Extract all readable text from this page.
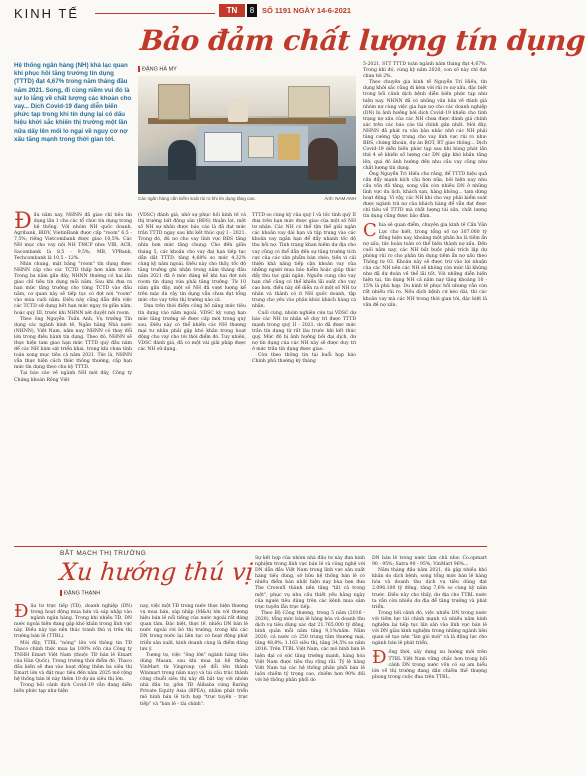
KINH TẾ	TN	8	SỐ 1191 NGÀY 14-6-2021
Bảo đảm chất lượng tín dụng
ĐẶNG HÀ MY
Hệ thống ngân hàng (NH) khá lạc quan khi phục hồi tăng trưởng tín dụng (TTTD) đạt 4,67% trong năm tháng đầu năm 2021. Song, đi cùng niềm vui đó là sự lo lắng về chất lượng các khoản cho vay... Dịch Covid-19 đang diễn biến phức tạp trong khi tín dụng lại có dấu hiệu khởi sắc khiến thị trường một lần nữa dấy lên mối lo ngại về nguy cơ nợ xấu tăng mạnh trong thời gian tới.
Các ngân hàng cần kiểm soát rủi ro khi tín dụng tăng cao.	Ảnh: NAM ANH

Đầu năm nay, NHNN đã giao chỉ tiêu tín dụng lần 1 cho các tổ chức tín dụng trong hệ thống. Với nhóm NH quốc doanh, Agribank, BIDV, VietinBank được cấp "room" 6,5 - 7,5%; riêng Vietcombank được giao 10,5%. Các NH mục cho vay nội NH TMCP như: VIB, ACB, Sacombank là 8,5 - 9,5%; MB, VPBank, Techcombank là 10,5 - 12%.

Nhìn chung, mặt bằng "room" tín dụng được NHNN cấp cho các TCTD thấp hơn năm trước. Trong ba năm gần đây, NHNN thường có hai lần giao chỉ tiêu tín dụng mỗi năm. Sau khi đưa ra hạn mức tăng trưởng cho từng TCTD vào đầu năm, cơ quan này sẽ tiếp tục có đợt nới "room" vào mùa cuối năm. Điều này cũng dẫn đến việc các TCTD sử dụng hết hạn mức ngay từ giữa năm, hoặc quý III, trước khi NHNN xét duyệt nới room.

Theo ông Nguyễn Tuấn Anh, Vụ trưởng Tín dụng các ngành kinh tế, Ngân hàng Nhà nước (NHNN), Việt Nam, năm nay, NHNN có thay đổi lớn trong điều hành tín dụng. Theo đó, NHNN sẽ thực hiện tam giao hạn mức TTTD quý đầu năm để các NH bám sát triển khai, trong khi chưa tính toán xong mục tiêu cả năm 2021. Tức là, NHNN vẫn thực hiện cách thức thông thường, cấp hạn mức tín dụng theo chu kỳ TTTD.

Tại báo cáo về ngành NH mới đây, Công ty Chứng khoán Rồng Việt

(VDSC) đánh giá, nhờ sự phục hồi kinh tế và thị trường bất động sản (BĐS) thuận lợi, một số NH sự nhân được báo cáo là đã đạt mức trần TTTD ngay sau khi kết thúc quý I - 2021. Trong đó, đủ no cho vay lĩnh vực BĐS tăng nhìn hơn mức tăng chung. Cho đến giữa tháng 5, các khoản cho vay đại hạn tiếp tục dẫn dắt TTTD, tăng 4,68% so mức 4,32% cùng kỳ năm ngoái. Điều này cho thấy, tốc độ tăng trưởng ghi nhận trong năm tháng đầu năm 2021 đã ở mức đáng kể khi hai đợt nới room tín dụng vừa phải tăng trưởng. Từ 10 năm gần đây, một số NH đã vượt lượng kể trên mặc dù vậy tín dụng vẫn chưa đạt tổng mức cho vay trên thị trường nào cả.

Dựa trên thời điểm công bố năng mức tiêu tín dụng vào năm ngoái, VDSC kỳ vọng hạn mức tăng trưởng sẽ được cấp mới trong quý sau. Điều này có thể khiến các NH thương mại tư nhân phải gặp khó khăn trong hoạt động cho vay cho tới thời điểm đó. Tuy nhiên, VDSC đánh giá, đã có một vài giải pháp được các NH sử dụng.

TTTD so cùng kỳ của quý I và tốc tính quý II đưa trên hạn mức được giao của một số NH tư nhân. Các NH có thể tận thế giải ngân các khoản vay dài hạn và tập trung vào các khoản vay ngắn hạn để đẩy nhanh tốc độ thu hồi nợ. Tình trạng khan hiếm dư địa cho vay cũng có thể dẫn đến sự tăng trưởng tích cực của các sản phẩm bán chéo, tiền vi cải thiện khả năng tiếp cận khoản vay của những người mua bảo hiểm hoặc giúp thúc đẩy thu tục giải ngân. Nguồn cung cho vay hạn chế cũng có thể khiến lãi suất cho vay cao hơn, điều này dễ diễn ra ở một số NH tư nhân và thành có ít NH quốc doanh, tập trung cho yếu vào phân khúc khách hàng cá nhân.

Cuối cùng, nhóm nghiên cứu tại VDSC dự báo các NH tư nhân sẽ duy trì được TTTD mạnh trong quý II - 2021, do đã được mức trần tín dụng từ rất lâu trước khi kết thúc quý. Mức độ bị ảnh hưởng bởi đại dịch, dư nợ tín dụng của các NH này sẽ được duy trì ở mức trần tín dụng được giao.

Còn theo thông tin tại buổi họp báo Chính phủ thường kỳ tháng

5-2021, STT TTTD toàn ngành năm tháng đạt 4,67%. Trong khi đó, cùng kỳ năm 2020, con số này chỉ đạt chưa tới 2%.

Theo chuyên gia kinh tế Nguyễn Trí Hiếu, tín dụng khởi sắc cũng đi kèm với rủi ro nợ xấu, đặc biệt trong bối cảnh dịch bệnh diễn biến phức tạp như hiện nay. NHNN đã có những văn bản về đánh giá nhóm nợ cùng việc gia hạn nợ cho các doanh nghiệp (DN) bị ảnh hưởng bởi dịch Covid-19 khiến cho tình trạng nợ xấu của các NH chưa được đánh giá chính xác trên các báo cáo tài chính gần nhất. Mới đây, NHNN đã phát ra văn bản nhắc nhở các NH phải tăng cường tập trung cho vay lĩnh vực rủi ro như: BĐS, chứng khoán, dự án BOT, BT giao thông... Dịch Covid-19 diễn biến phức tạp sau khi bùng phát lần thứ 4 sẽ khiến số lượng các DN gặp khó khăn tăng lên, quá đó ảnh hưởng đến nhu cầu vay cũng như chất lượng tín dụng.

Ông Nguyễn Trí Hiếu cho rằng, để TTTD hiệu quả cần đẩy mạnh kích cầu hơn nữa, bởi hiện nay nhu cầu vốn đã tăng, song vẫn còn nhiều DN ở những lĩnh vực du lịch, khách sạn, hàng không... tạm dừng hoạt động. Vì vậy, các NH khi cho vay phải kiểm soát được ngành trả nợ của khách hàng để vẫn đạt được chỉ tiêu về TTTD mà chất lượng tài sản, chất lượng tín dụng cũng được bảo đảm.

Chia sẻ quan điểm, chuyên gia kinh tế Cấn Văn Lực cho biết, trong tổng số nợ 307.000 tỷ đồng hiện nay, khoảng một phần ba là tiềm ẩn nợ xấu, tức hoàn toàn có thể biến thành nợ xấu. Đến cuối năm nay, các NH bắt buộc phải trích lập dự phòng rủi ro cho phần tín dụng tiềm ẩn nợ xấu theo Thông tư 03. Khoản này sẽ được trừ vào lợi nhuận của các NH nên các NH sẽ không còn mức lãi khủng như đã dự đoán về thể lãi tốt. Với những diễn biến hiện tại, tín dụng NH cả năm nay tăng khoảng 10 - 15% là phù hợp. Du kinh tế phục hồi nhưng vẫn còn rất nhiều rủi ro. Nếu dịch bệnh cứ kéo dài, thì các khoản vay mà các NH trong thời gian tới, đặc biệt là vấn đề nợ xấu.

BẮT MẠCH THỊ TRƯỜNG
Xu hướng thú vị
ĐẶNG THẠNH

Đầu tư trực tiếp (TĐ), doanh nghiệp (DN) trong hoạt động mua bán và sáp nhập vào ngành ngân hàng. Trong khi nhiều TĐ, DN nước ngoài hiện đang gặp khó khăn trong lĩnh vực này. Điều này tạo nên thúc tranh thú vị trên thị trường bán lẻ (TTBL).

Mới đây, TTBL "nóng" lên với thông tin TĐ Thaco chính thức mua lại 100% vốn của Công ty TNHH Emart Việt Nam (thuộc TĐ bán lẻ Emart của Hàn Quốc). Trong trường thời điểm đó, Thaco đầu kiến sẽ đưa vào hoạt động thêm ba siêu thị Emart lớn và đặt mục tiêu đến năm 2025 mở rộng hệ thống bán lẻ này thêm 10 dự án siêu thị lớn.

Trong bối cảnh dịch Covid-19 vẫn đang diễn biến phức tạp như hiện

nay, việc một TĐ trong nước thực hiện thương vụ mua bán, sáp nhập (M&A) lớn với thương hiệu bán lẻ nổi tiếng của nước ngoài rất đáng quan tâm. Đặc biệt, thực tế, nhiều DN bán lẻ nước ngoài rời bỏ thị trường, trong khi các DN trong nước lại liên tục có hoạt động phát triển sản xuất, kinh doanh cùng là điểm đáng lưu ý.

Tương tự, việc "ông lớn" ngành hàng tiêu dùng Masan, sau khi mua lại hệ thống VinMart từ Vingroup (sẽ đổi tên thành Winmart trong năm nay) và tái cấu trúc thành công chuỗi siêu thị này đã bắt tay với nhóm nhà đầu tư, gồm TĐ Alibaba cùng Baring Private Equity Asia (BPEA), nhằm phát triển mô hình bán lẻ tích hợp "trực tuyến - trực tiếp" và "bán lẻ - tài chính".

Sự kết hợp của nhóm nhà đầu tư này đưa kinh nghiệm trong lĩnh vực bán lẻ và công nghệ với DN dẫn đầu Việt Nam trong lĩnh vực sản xuất hàng tiêu dùng, sở hữu hệ thống bán lẻ có nhiều điểm bán nhất hiện nay bùa hẹn đưa The CrownX thành nền tảng "tất cả trong một", phục vụ nhu cầu thiết yếu hằng ngày của người tiêu dùng trên các kênh mua sắm trực tuyến lẫn trực tiếp.

Theo Bộ Công thương, trong 5 năm (2016 - 2020), tổng mức bán lẻ hàng hóa và doanh thu dịch vụ tiêu dùng xác đạt 21.765.000 tỷ đồng, bình quân mỗi năm tăng 9,1%/năm. Năm 2020, cả nước có 250 trung tâm thương mại, tăng 48,8%; 1.163 siêu thị, tăng 34,5% so năm 2016. Trên TTBL Việt Nam, các mô hình bán lẻ hiện đại có sức tăng trưởng mạnh, hàng hóa Việt Nam được tiêu thụ rộng rãi. Tỷ lệ hàng Việt Nam tại các hệ thống phân phối bán lẻ luôn chiếm tỷ trọng cao, chiếm hơn 90% đối với hệ thống phân phối do

DN bán lẻ trong nước làm chủ như: Co.opmart 90 - 95%; Satra 90 - 95%; VinMart 96%...

Năm tháng đầu năm 2021, dù gặp nhiều khó khăn do dịch bệnh, song tổng mức bán lẻ hàng hóa và doanh thu dịch vụ tiêu dùng đạt 2.096.100 tỷ đồng, tăng 7,6% so cùng kỳ năm trước. Điều này cho thấy, dư địa cho TTBL nước ta vẫn còn nhiều dư địa để tăng trưởng và phát triển.

Trong bối cảnh đó, việc nhiều DN trong nước với tiềm lực tài chính mạnh và nhiều năm kinh nghiệm lại tiếp tục lấn sân vào lĩnh vực bán lẻ với DN giàu kinh nghiệm trong những ngành liên quan sẽ tạo nên "làn gió mới" và là động lực cho ngành bán lẻ phát triển.

Đồng thời, xây dựng xu hướng mới trên TTBL Việt Nam vững chắc hơn trong bối cảnh DN trong nước vốn có sự am hiểu lớn về thị trường đang dần chiếm thế thượng phong trong cuộc đua trên TTBL.
